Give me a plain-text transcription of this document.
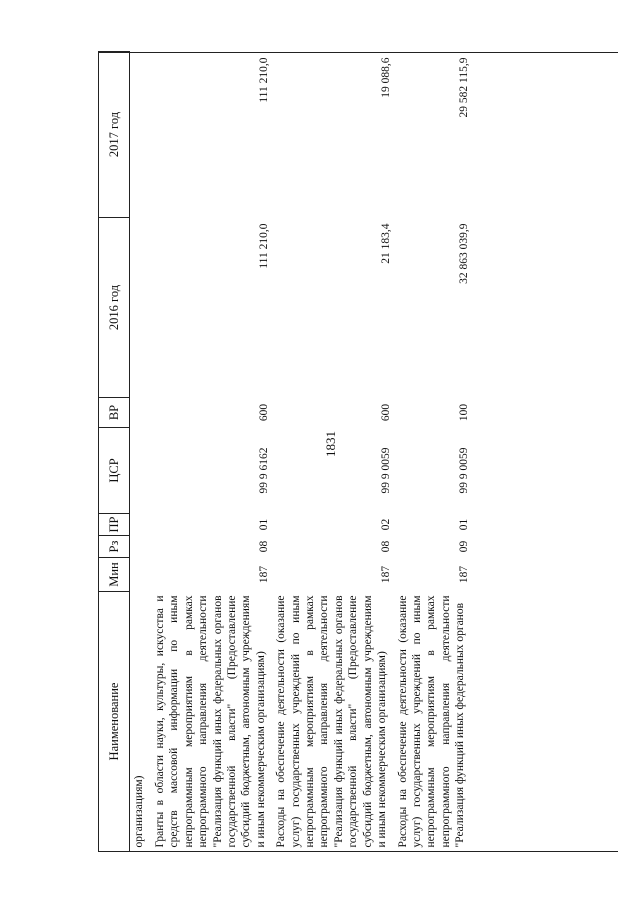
1831
Наименование	Мин	Рз	ПР	ЦСР	ВР	2016 год	2017 год
организациям)							
Гранты в области науки, культуры, искусства и средств массовой информации по иным непрограммным мероприятиям в рамках непрограммного направления деятельности "Реализация функций иных федеральных органов государственной власти" (Предоставление субсидий бюджетным, автономным учреждениям и иным некоммерческим организациям)	187	08	01	99 9 6162	600	111 210,0	111 210,0
Расходы на обеспечение деятельности (оказание услуг) государственных учреждений по иным непрограммным мероприятиям в рамках непрограммного направления деятельности "Реализация функций иных федеральных органов государственной власти" (Предоставление субсидий бюджетным, автономным учреждениям и иным некоммерческим организациям)	187	08	02	99 9 0059	600	21 183,4	19 088,6
Расходы на обеспечение деятельности (оказание услуг) государственных учреждений по иным непрограммным мероприятиям в рамках непрограммного направления деятельности "Реализация функций иных федеральных органов	187	09	01	99 9 0059	100	32 863 039,9	29 582 115,9
